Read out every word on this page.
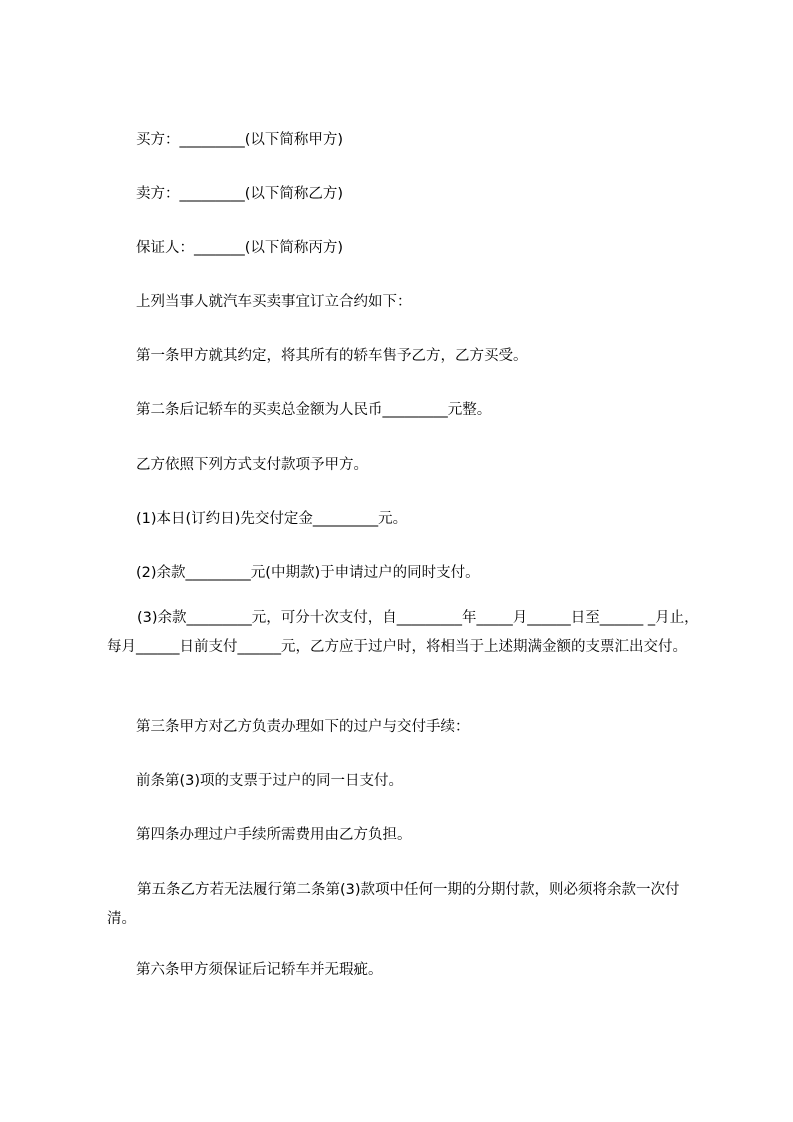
买方：_________(以下简称甲方)

卖方：_________(以下简称乙方)

保证人：_______(以下简称丙方)

上列当事人就汽车买卖事宜订立合约如下：

第一条甲方就其约定，将其所有的轿车售予乙方，乙方买受。

第二条后记轿车的买卖总金额为人民币_________元整。

乙方依照下列方式支付款项予甲方。

(1)本日(订约日)先交付定金_________元。

(2)余款_________元(中期款)于申请过户的同时支付。

(3)余款_________元，可分十次支付，自_________年_____月______日至______ _月止，每月______日前支付______元，乙方应于过户时，将相当于上述期满金额的支票汇出交付。

第三条甲方对乙方负责办理如下的过户与交付手续：

前条第(3)项的支票于过户的同一日支付。

第四条办理过户手续所需费用由乙方负担。

第五条乙方若无法履行第二条第(3)款项中任何一期的分期付款，则必须将余款一次付清。

第六条甲方须保证后记轿车并无瑕疵。
